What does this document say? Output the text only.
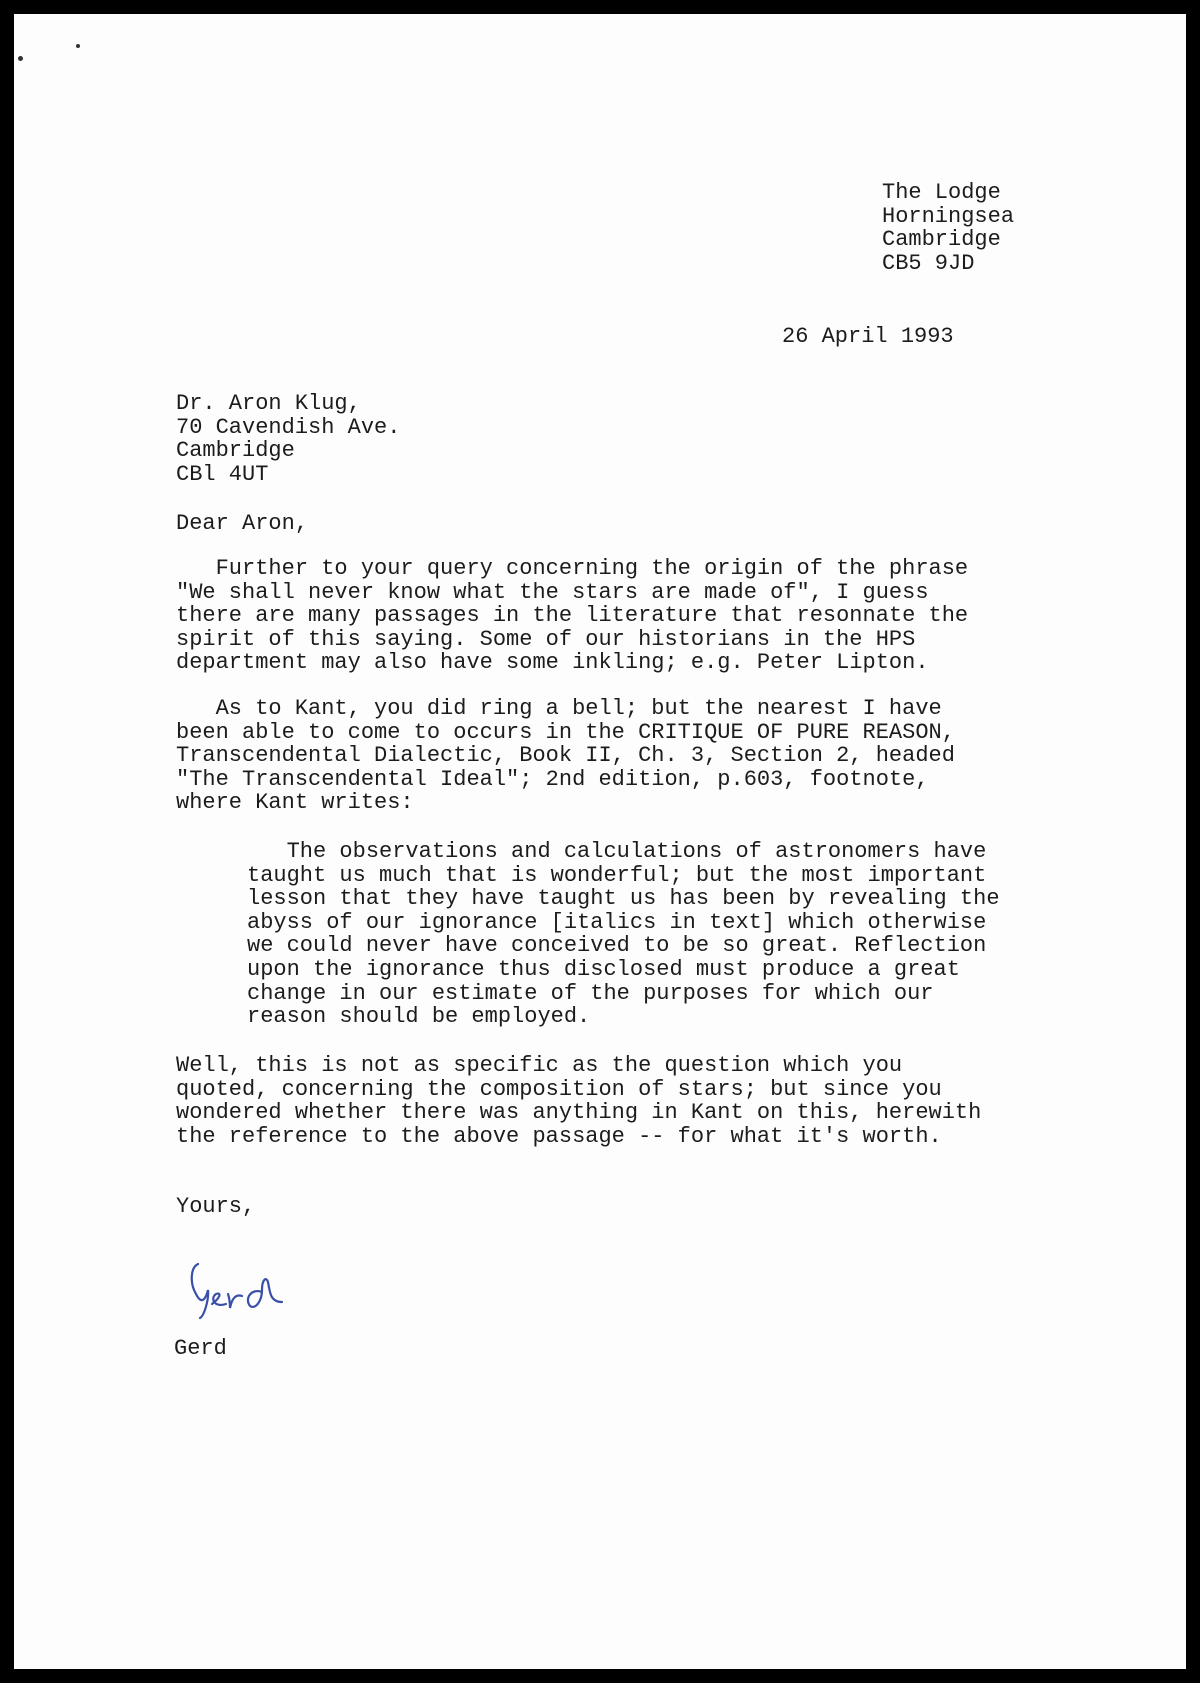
The Lodge
Horningsea
Cambridge
CB5 9JD
26 April 1993
Dr. Aron Klug,
70 Cavendish Ave.
Cambridge
CBl 4UT
Dear Aron,
Further to your query concerning the origin of the phrase
"We shall never know what the stars are made of", I guess
there are many passages in the literature that resonnate the
spirit of this saying. Some of our historians in the HPS
department may also have some inkling; e.g. Peter Lipton.
As to Kant, you did ring a bell; but the nearest I have
been able to come to occurs in the CRITIQUE OF PURE REASON,
Transcendental Dialectic, Book II, Ch. 3, Section 2, headed
"The Transcendental Ideal"; 2nd edition, p.603, footnote,
where Kant writes:
The observations and calculations of astronomers have
taught us much that is wonderful; but the most important
lesson that they have taught us has been by revealing the
abyss of our ignorance [italics in text] which otherwise
we could never have conceived to be so great. Reflection
upon the ignorance thus disclosed must produce a great
change in our estimate of the purposes for which our
reason should be employed.
Well, this is not as specific as the question which you
quoted, concerning the composition of stars; but since you
wondered whether there was anything in Kant on this, herewith
the reference to the above passage -- for what it's worth.
Yours,
Gerd
